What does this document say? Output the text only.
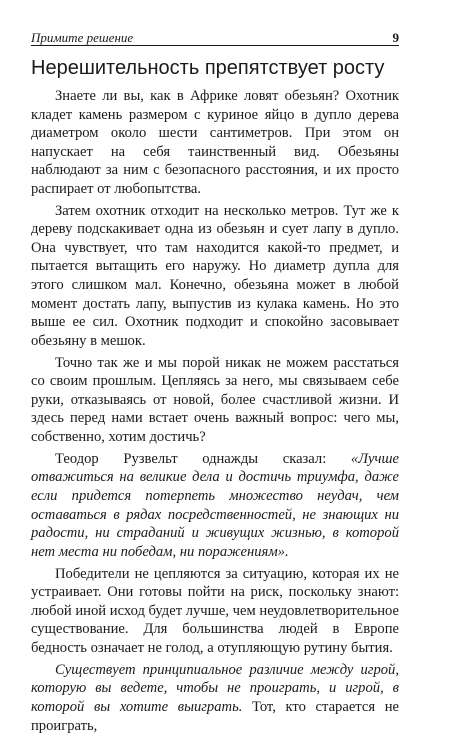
Примите решение	9
Нерешительность препятствует росту

Знаете ли вы, как в Африке ловят обезьян? Охотник кладет камень размером с куриное яйцо в дупло дерева диаметром около шести сантиметров. При этом он напускает на себя таинственный вид. Обезьяны наблюдают за ним с безопасного расстояния, и их просто распирает от любопытства.

Затем охотник отходит на несколько метров. Тут же к дереву подскакивает одна из обезьян и сует лапу в дупло. Она чувствует, что там находится какой-то предмет, и пытается вытащить его наружу. Но диаметр дупла для этого слишком мал. Конечно, обезьяна может в любой момент достать лапу, выпустив из кулака камень. Но это выше ее сил. Охотник подходит и спокойно засовывает обезьяну в мешок.

Точно так же и мы порой никак не можем расстаться со своим прошлым. Цепляясь за него, мы связываем себе руки, отказываясь от новой, более счастливой жизни. И здесь перед нами встает очень важный вопрос: чего мы, собственно, хотим достичь?

Теодор Рузвельт однажды сказал: «Лучше отважиться на великие дела и достичь триумфа, даже если придется потерпеть множество неудач, чем оставаться в рядах посредственностей, не знающих ни радости, ни страданий и живущих жизнью, в которой нет места ни победам, ни поражениям».

Победители не цепляются за ситуацию, которая их не устраивает. Они готовы пойти на риск, поскольку знают: любой иной исход будет лучше, чем неудовлетворительное существование. Для большинства людей в Европе бедность означает не голод, а отупляющую рутину бытия.

Существует принципиальное различие между игрой, которую вы ведете, чтобы не проиграть, и игрой, в которой вы хотите выиграть. Тот, кто старается не проиграть,
